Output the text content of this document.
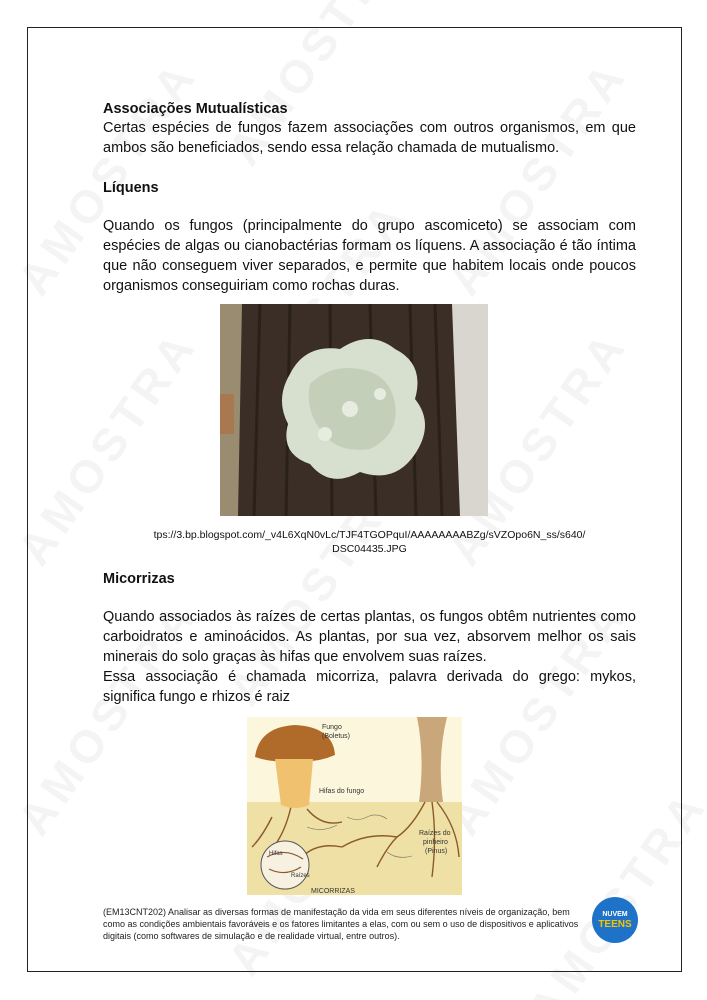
Associações Mutualísticas

Certas espécies de fungos fazem associações com outros organismos, em que ambos são beneficiados, sendo essa relação chamada de mutualismo.

Líquens

Quando os fungos (principalmente do grupo ascomiceto) se associam com espécies de algas ou cianobactérias formam os líquens. A associação é tão íntima que não conseguem viver separados, e permite que habitem locais onde poucos organismos conseguiriam como rochas duras.

tps://3.bp.blogspot.com/_v4L6XqN0vLc/TJF4TGOPquI/AAAAAAAABZg/sVZOpo6N_ss/s640/
DSC04435.JPG

Micorrizas

Quando associados às raízes de certas plantas, os fungos obtêm nutrientes como carboidratos e aminoácidos. As plantas, por sua vez, absorvem melhor os sais minerais do solo graças às hifas que envolvem suas raízes.

Essa associação é chamada micorriza, palavra derivada do grego: mykos, significa fungo e rhizos é raiz

Fungo
(Boletus)
Hifas do fungo
Raízes do
pinheiro
(Pinus)
Hifas
Raízes
MICORRIZAS
(EM13CNT202) Analisar as diversas formas de manifestação da vida em seus diferentes níveis de organização, bem como as condições ambientais favoráveis e os fatores limitantes a elas, com ou sem o uso de dispositivos e aplicativos digitais (como softwares de simulação e de realidade virtual, entre outros).
NUVEM
TEENS
